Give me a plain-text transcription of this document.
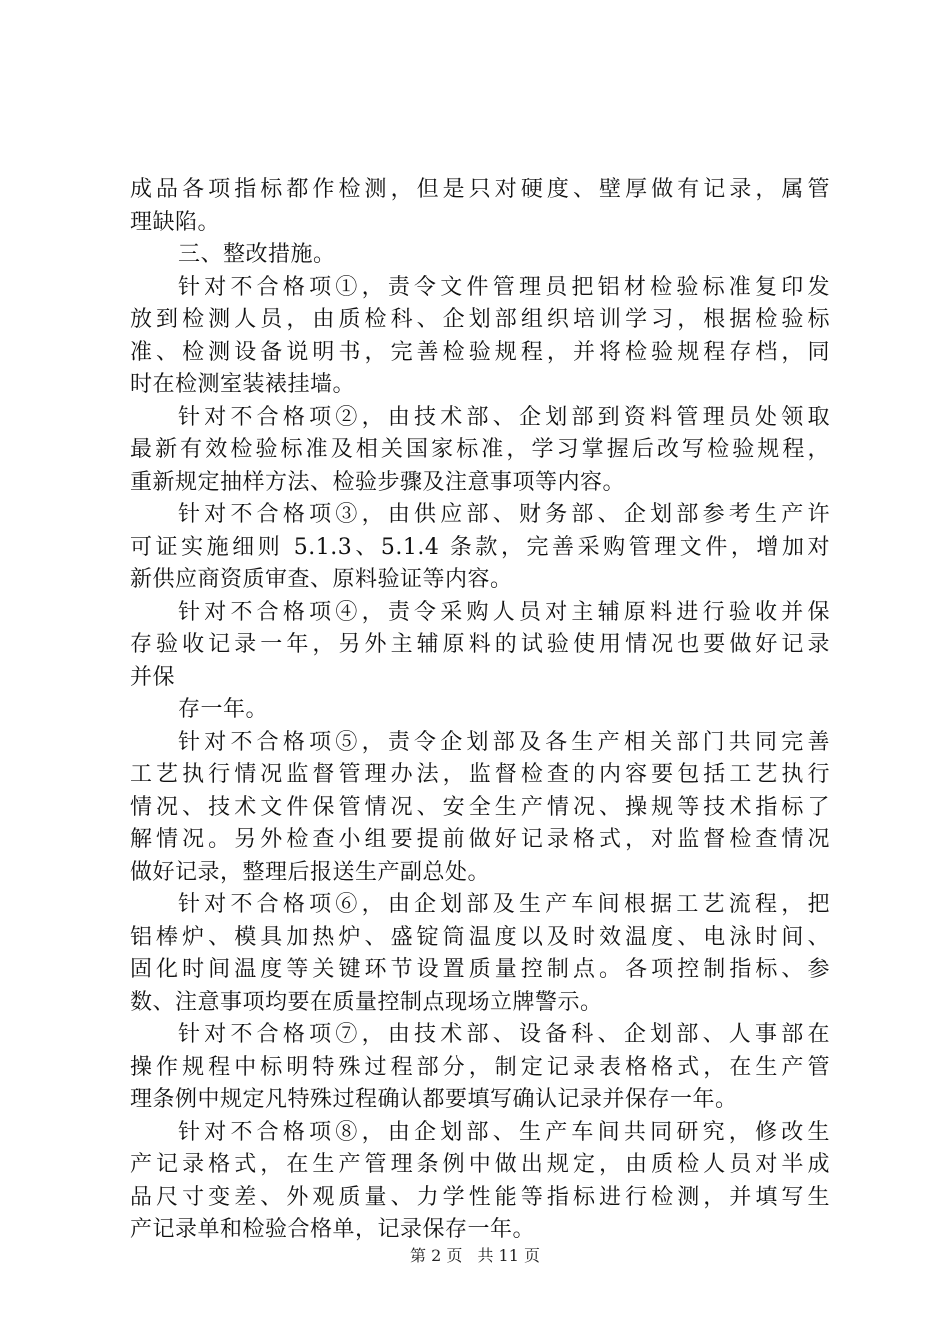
成品各项指标都作检测，但是只对硬度、壁厚做有记录，属管
理缺陷。
三、整改措施。
针对不合格项①，责令文件管理员把铝材检验标准复印发
放到检测人员，由质检科、企划部组织培训学习，根据检验标
准、检测设备说明书，完善检验规程，并将检验规程存档，同
时在检测室装裱挂墙。
针对不合格项②，由技术部、企划部到资料管理员处领取
最新有效检验标准及相关国家标准，学习掌握后改写检验规程，
重新规定抽样方法、检验步骤及注意事项等内容。
针对不合格项③，由供应部、财务部、企划部参考生产许
可证实施细则 5.1.3、5.1.4 条款，完善采购管理文件，增加对
新供应商资质审查、原料验证等内容。
针对不合格项④，责令采购人员对主辅原料进行验收并保
存验收记录一年，另外主辅原料的试验使用情况也要做好记录
并保
存一年。
针对不合格项⑤，责令企划部及各生产相关部门共同完善
工艺执行情况监督管理办法，监督检查的内容要包括工艺执行
情况、技术文件保管情况、安全生产情况、操规等技术指标了
解情况。另外检查小组要提前做好记录格式，对监督检查情况
做好记录，整理后报送生产副总处。
针对不合格项⑥，由企划部及生产车间根据工艺流程，把
铝棒炉、模具加热炉、盛锭筒温度以及时效温度、电泳时间、
固化时间温度等关键环节设置质量控制点。各项控制指标、参
数、注意事项均要在质量控制点现场立牌警示。
针对不合格项⑦，由技术部、设备科、企划部、人事部在
操作规程中标明特殊过程部分，制定记录表格格式，在生产管
理条例中规定凡特殊过程确认都要填写确认记录并保存一年。
针对不合格项⑧，由企划部、生产车间共同研究，修改生
产记录格式，在生产管理条例中做出规定，由质检人员对半成
品尺寸变差、外观质量、力学性能等指标进行检测，并填写生
产记录单和检验合格单，记录保存一年。
第 2 页 共 11 页
